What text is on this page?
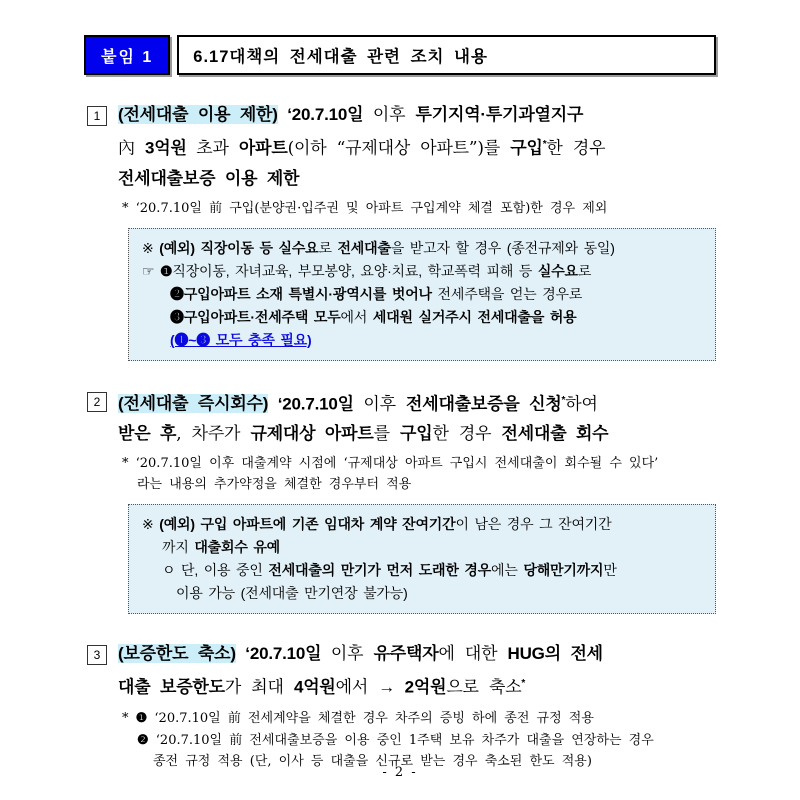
붙임 1	6.17대책의 전세대출 관련 조치 내용
1	(전세대출 이용 제한) ‘20.7.10일 이후 투기지역·투기과열지구
內 3억원 초과 아파트(이하 “규제대상 아파트”)를 구입*한 경우
전세대출보증 이용 제한
* ‘20.7.10일 前 구입(분양권·입주권 및 아파트 구입계약 체결 포함)한 경우 제외
※ (예외) 직장이동 등 실수요로 전세대출을 받고자 할 경우 (종전규제와 동일)
☞ ❶직장이동, 자녀교육, 부모봉양, 요양·치료, 학교폭력 피해 등 실수요로
❷구입아파트 소재 특별시·광역시를 벗어나 전세주택을 얻는 경우로
❸구입아파트·전세주택 모두에서 세대원 실거주시 전세대출을 허용
(❶~❸ 모두 충족 필요)
2	(전세대출 즉시회수) ‘20.7.10일 이후 전세대출보증을 신청*하여
받은 후, 차주가 규제대상 아파트를 구입한 경우 전세대출 회수
* ‘20.7.10일 이후 대출계약 시점에 ‘규제대상 아파트 구입시 전세대출이 회수될 수 있다’
라는 내용의 추가약정을 체결한 경우부터 적용
※ (예외) 구입 아파트에 기존 임대차 계약 잔여기간이 남은 경우 그 잔여기간
까지 대출회수 유예
ㅇ 단, 이용 중인 전세대출의 만기가 먼저 도래한 경우에는 당해만기까지만
이용 가능 (전세대출 만기연장 불가능)
3	(보증한도 축소) ‘20.7.10일 이후 유주택자에 대한 HUG의 전세
대출 보증한도가 최대 4억원에서 → 2억원으로 축소*
* ❶ ‘20.7.10일 前 전세계약을 체결한 경우 차주의 증빙 하에 종전 규정 적용
❷ ‘20.7.10일 前 전세대출보증을 이용 중인 1주택 보유 차주가 대출을 연장하는 경우
종전 규정 적용 (단, 이사 등 대출을 신규로 받는 경우 축소된 한도 적용)
- 2 -
